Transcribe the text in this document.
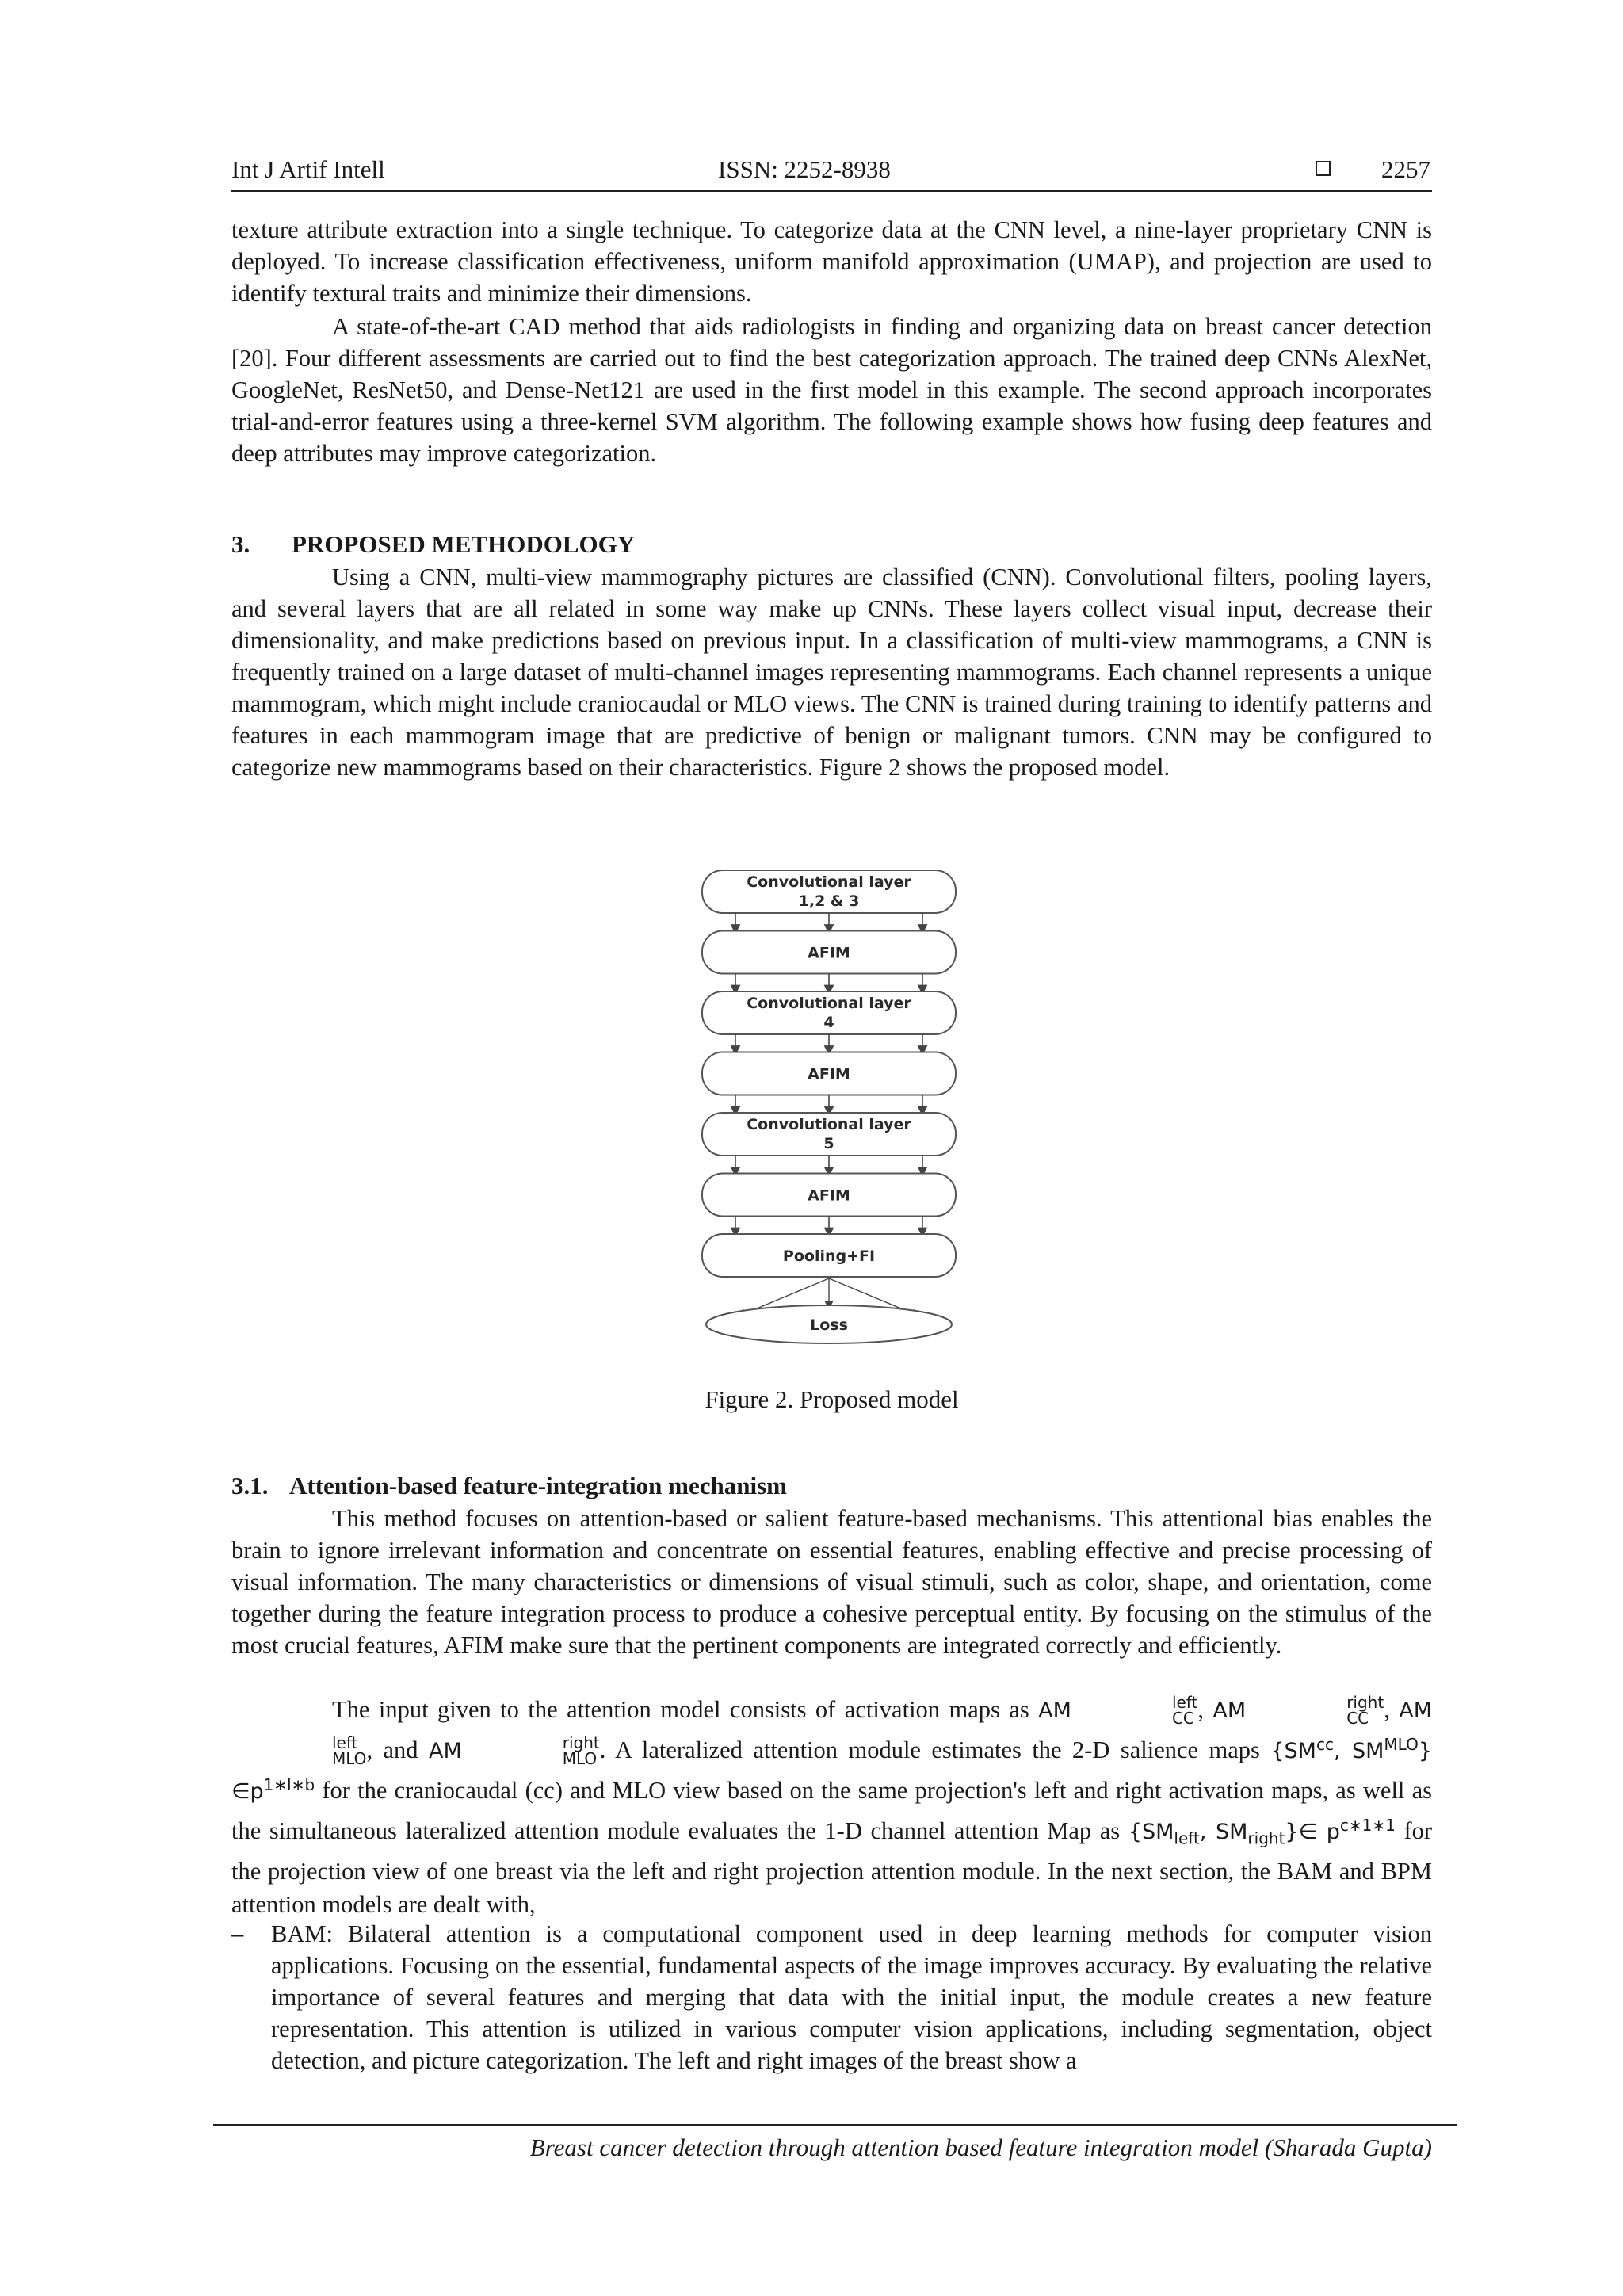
Int J Artif Intell	ISSN: 2252-8938	2257
texture attribute extraction into a single technique. To categorize data at the CNN level, a nine-layer proprietary CNN is deployed. To increase classification effectiveness, uniform manifold approximation (UMAP), and projection are used to identify textural traits and minimize their dimensions.
A state-of-the-art CAD method that aids radiologists in finding and organizing data on breast cancer detection [20]. Four different assessments are carried out to find the best categorization approach. The trained deep CNNs AlexNet, GoogleNet, ResNet50, and Dense-Net121 are used in the first model in this example. The second approach incorporates trial-and-error features using a three-kernel SVM algorithm. The following example shows how fusing deep features and deep attributes may improve categorization.
3. PROPOSED METHODOLOGY
Using a CNN, multi-view mammography pictures are classified (CNN). Convolutional filters, pooling layers, and several layers that are all related in some way make up CNNs. These layers collect visual input, decrease their dimensionality, and make predictions based on previous input. In a classification of multi-view mammograms, a CNN is frequently trained on a large dataset of multi-channel images representing mammograms. Each channel represents a unique mammogram, which might include craniocaudal or MLO views. The CNN is trained during training to identify patterns and features in each mammogram image that are predictive of benign or malignant tumors. CNN may be configured to categorize new mammograms based on their characteristics. Figure 2 shows the proposed model.
Convolutional layer
1,2 & 3
AFIM
Convolutional layer
4
AFIM
Convolutional layer
5
AFIM
Pooling+FI
Loss
Figure 2. Proposed model
3.1. Attention-based feature-integration mechanism
This method focuses on attention-based or salient feature-based mechanisms. This attentional bias enables the brain to ignore irrelevant information and concentrate on essential features, enabling effective and precise processing of visual information. The many characteristics or dimensions of visual stimuli, such as color, shape, and orientation, come together during the feature integration process to produce a cohesive perceptual entity. By focusing on the stimulus of the most crucial features, AFIM make sure that the pertinent components are integrated correctly and efficiently.
The input given to the attention model consists of activation maps as AM	left
CC , AM	right
CC , AM
left
MLO , and AM	right
MLO . A lateralized attention module estimates the 2-D salience maps {$SM^{cc}$, $SM^{MLO}$} $\in p^{1∗l∗b}$ for the craniocaudal (cc) and MLO view based on the same projection's left and right activation maps, as well as the simultaneous lateralized attention module evaluates the 1-D channel attention Map as {$SM_{left}$, $SM_{right}\}\in$ $p^{c∗1∗1}$ for the projection view of one breast via the left and right projection attention module. In the next section, the BAM and BPM attention models are dealt with,
– BAM: Bilateral attention is a computational component used in deep learning methods for computer vision applications. Focusing on the essential, fundamental aspects of the image improves accuracy. By evaluating the relative importance of several features and merging that data with the initial input, the module creates a new feature representation. This attention is utilized in various computer vision applications, including segmentation, object detection, and picture categorization. The left and right images of the breast show a
Breast cancer detection through attention based feature integration model (Sharada Gupta)
